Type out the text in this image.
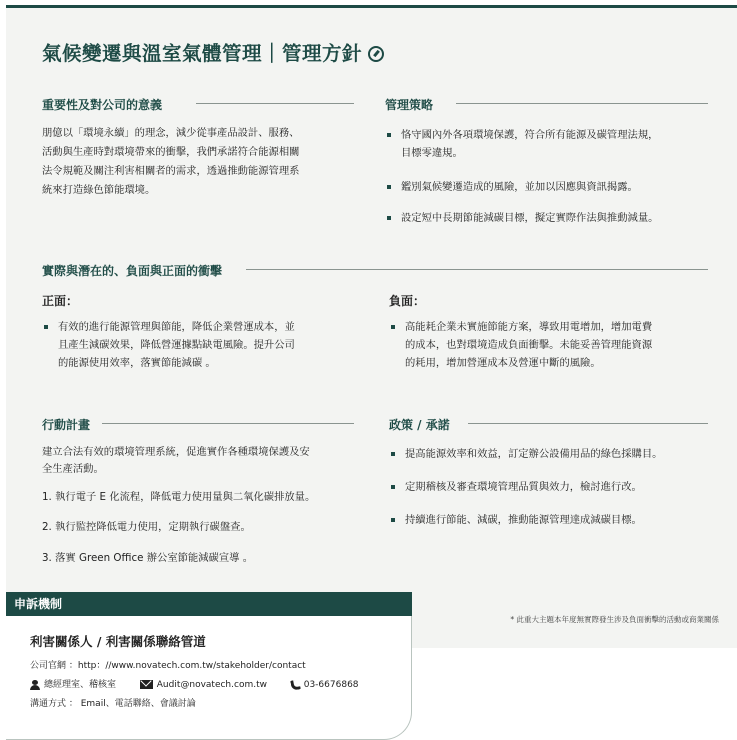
氣候變遷與溫室氣體管理｜管理方針
重要性及對公司的意義
朋億以「環境永續」的理念，減少從事產品設計、服務、
活動與生產時對環境帶來的衝擊，我們承諾符合能源相關
法令規範及關注利害相關者的需求，透過推動能源管理系
統來打造綠色節能環境。
管理策略
恪守國內外各項環境保護，符合所有能源及碳管理法規，
目標零違規。
鑑別氣候變遷造成的風險，並加以因應與資訊揭露。
設定短中長期節能減碳目標，擬定實際作法與推動減量。
實際與潛在的、負面與正面的衝擊
正面：
有效的進行能源管理與節能，降低企業營運成本，並
且產生減碳效果，降低營運據點缺電風險。提升公司
的能源使用效率，落實節能減碳 。
負面：
高能耗企業未實施節能方案，導致用電增加，增加電費
的成本，也對環境造成負面衝擊。未能妥善管理能資源
的耗用，增加營運成本及營運中斷的風險。
行動計畫
建立合法有效的環境管理系統，促進實作各種環境保護及安
全生產活動。
1. 執行電子 E 化流程，降低電力使用量與二氧化碳排放量。
2. 執行監控降低電力使用，定期執行碳盤查。
3. 落實 Green Office 辦公室節能減碳宣導 。
政策 / 承諾
提高能源效率和效益，訂定辦公設備用品的綠色採購目。
定期稽核及審查環境管理品質與效力，檢討進行改。
持續進行節能、減碳，推動能源管理達成減碳目標。
* 此重大主題本年度無實際發生涉及負面衝擊的活動或商業關係
申訴機制
利害關係人 / 利害關係聯絡管道
公司官網 ：http：//www.novatech.com.tw/stakeholder/contact
總經理室、稽核室	Audit@novatech.com.tw	03-6676868
溝通方式 ： Email、電話聯絡、會議討論
